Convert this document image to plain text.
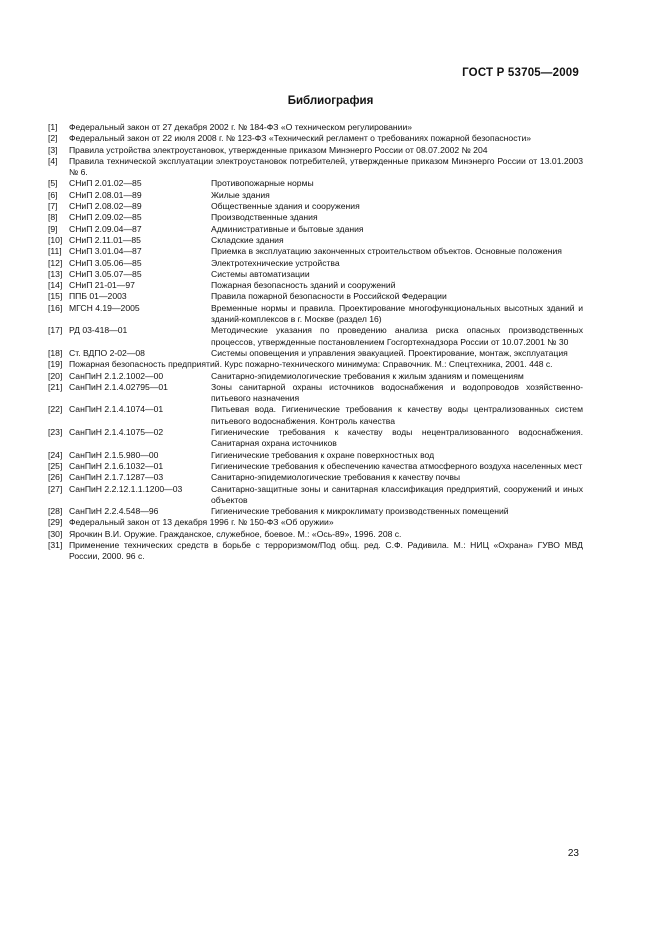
ГОСТ Р 53705—2009
Библиография
[1]	Федеральный закон от 27 декабря 2002 г. № 184-ФЗ «О техническом регулировании»
[2]	Федеральный закон от 22 июля 2008 г. № 123-ФЗ «Технический регламент о требованиях пожарной безопасности»
[3]	Правила устройства электроустановок, утвержденные приказом Минэнерго России от 08.07.2002 № 204
[4]	Правила технической эксплуатации электроустановок потребителей, утвержденные приказом Минэнерго России от 13.01.2003 № 6.
[5]	СНиП 2.01.02—85	Противопожарные нормы
[6]	СНиП 2.08.01—89	Жилые здания
[7]	СНиП 2.08.02—89	Общественные здания и сооружения
[8]	СНиП 2.09.02—85	Производственные здания
[9]	СНиП 2.09.04—87	Административные и бытовые здания
[10] СНиП 2.11.01—85	Складские здания
[11] СНиП 3.01.04—87	Приемка в эксплуатацию законченных строительством объектов. Основные положения
[12] СНиП 3.05.06—85	Электротехнические устройства
[13] СНиП 3.05.07—85	Системы автоматизации
[14] СНиП 21-01—97	Пожарная безопасность зданий и сооружений
[15] ППБ 01—2003	Правила пожарной безопасности в Российской Федерации
[16] МГСН 4.19—2005	Временные нормы и правила. Проектирование многофункциональных высотных зданий и зданий-комплексов в г. Москве (раздел 16)
[17] РД 03-418—01	Методические указания по проведению анализа риска опасных производственных процессов, утвержденные постановлением Госгортехнадзора России от 10.07.2001 № 30
[18] Ст. ВДПО 2-02—08	Системы оповещения и управления эвакуацией. Проектирование, монтаж, эксплуатация
[19] Пожарная безопасность предприятий. Курс пожарно-технического минимума: Справочник. М.: Спецтехника, 2001. 448 с.
[20] СанПиН 2.1.2.1002—00	Санитарно-эпидемиологические требования к жилым зданиям и помещениям
[21] СанПиН 2.1.4.02795—01	Зоны санитарной охраны источников водоснабжения и водопроводов хозяйственно-питьевого назначения
[22] СанПиН 2.1.4.1074—01	Питьевая вода. Гигиенические требования к качеству воды централизованных систем питьевого водоснабжения. Контроль качества
[23] СанПиН 2.1.4.1075—02	Гигиенические требования к качеству воды нецентрализованного водоснабжения. Санитарная охрана источников
[24] СанПиН 2.1.5.980—00	Гигиенические требования к охране поверхностных вод
[25] СанПиН 2.1.6.1032—01	Гигиенические требования к обеспечению качества атмосферного воздуха населенных мест
[26] СанПиН 2.1.7.1287—03	Санитарно-эпидемиологические требования к качеству почвы
[27] СанПиН 2.2.12.1.1.1200—03	Санитарно-защитные зоны и санитарная классификация предприятий, сооружений и иных объектов
[28] СанПиН 2.2.4.548—96	Гигиенические требования к микроклимату производственных помещений
[29] Федеральный закон от 13 декабря 1996 г. № 150-ФЗ «Об оружии»
[30] Ярочкин В.И. Оружие. Гражданское, служебное, боевое. М.: «Ось-89», 1996. 208 с.
[31] Применение технических средств в борьбе с терроризмом/Под общ. ред. С.Ф. Радивила. М.: НИЦ «Охрана» ГУВО МВД России, 2000. 96 с.
23
